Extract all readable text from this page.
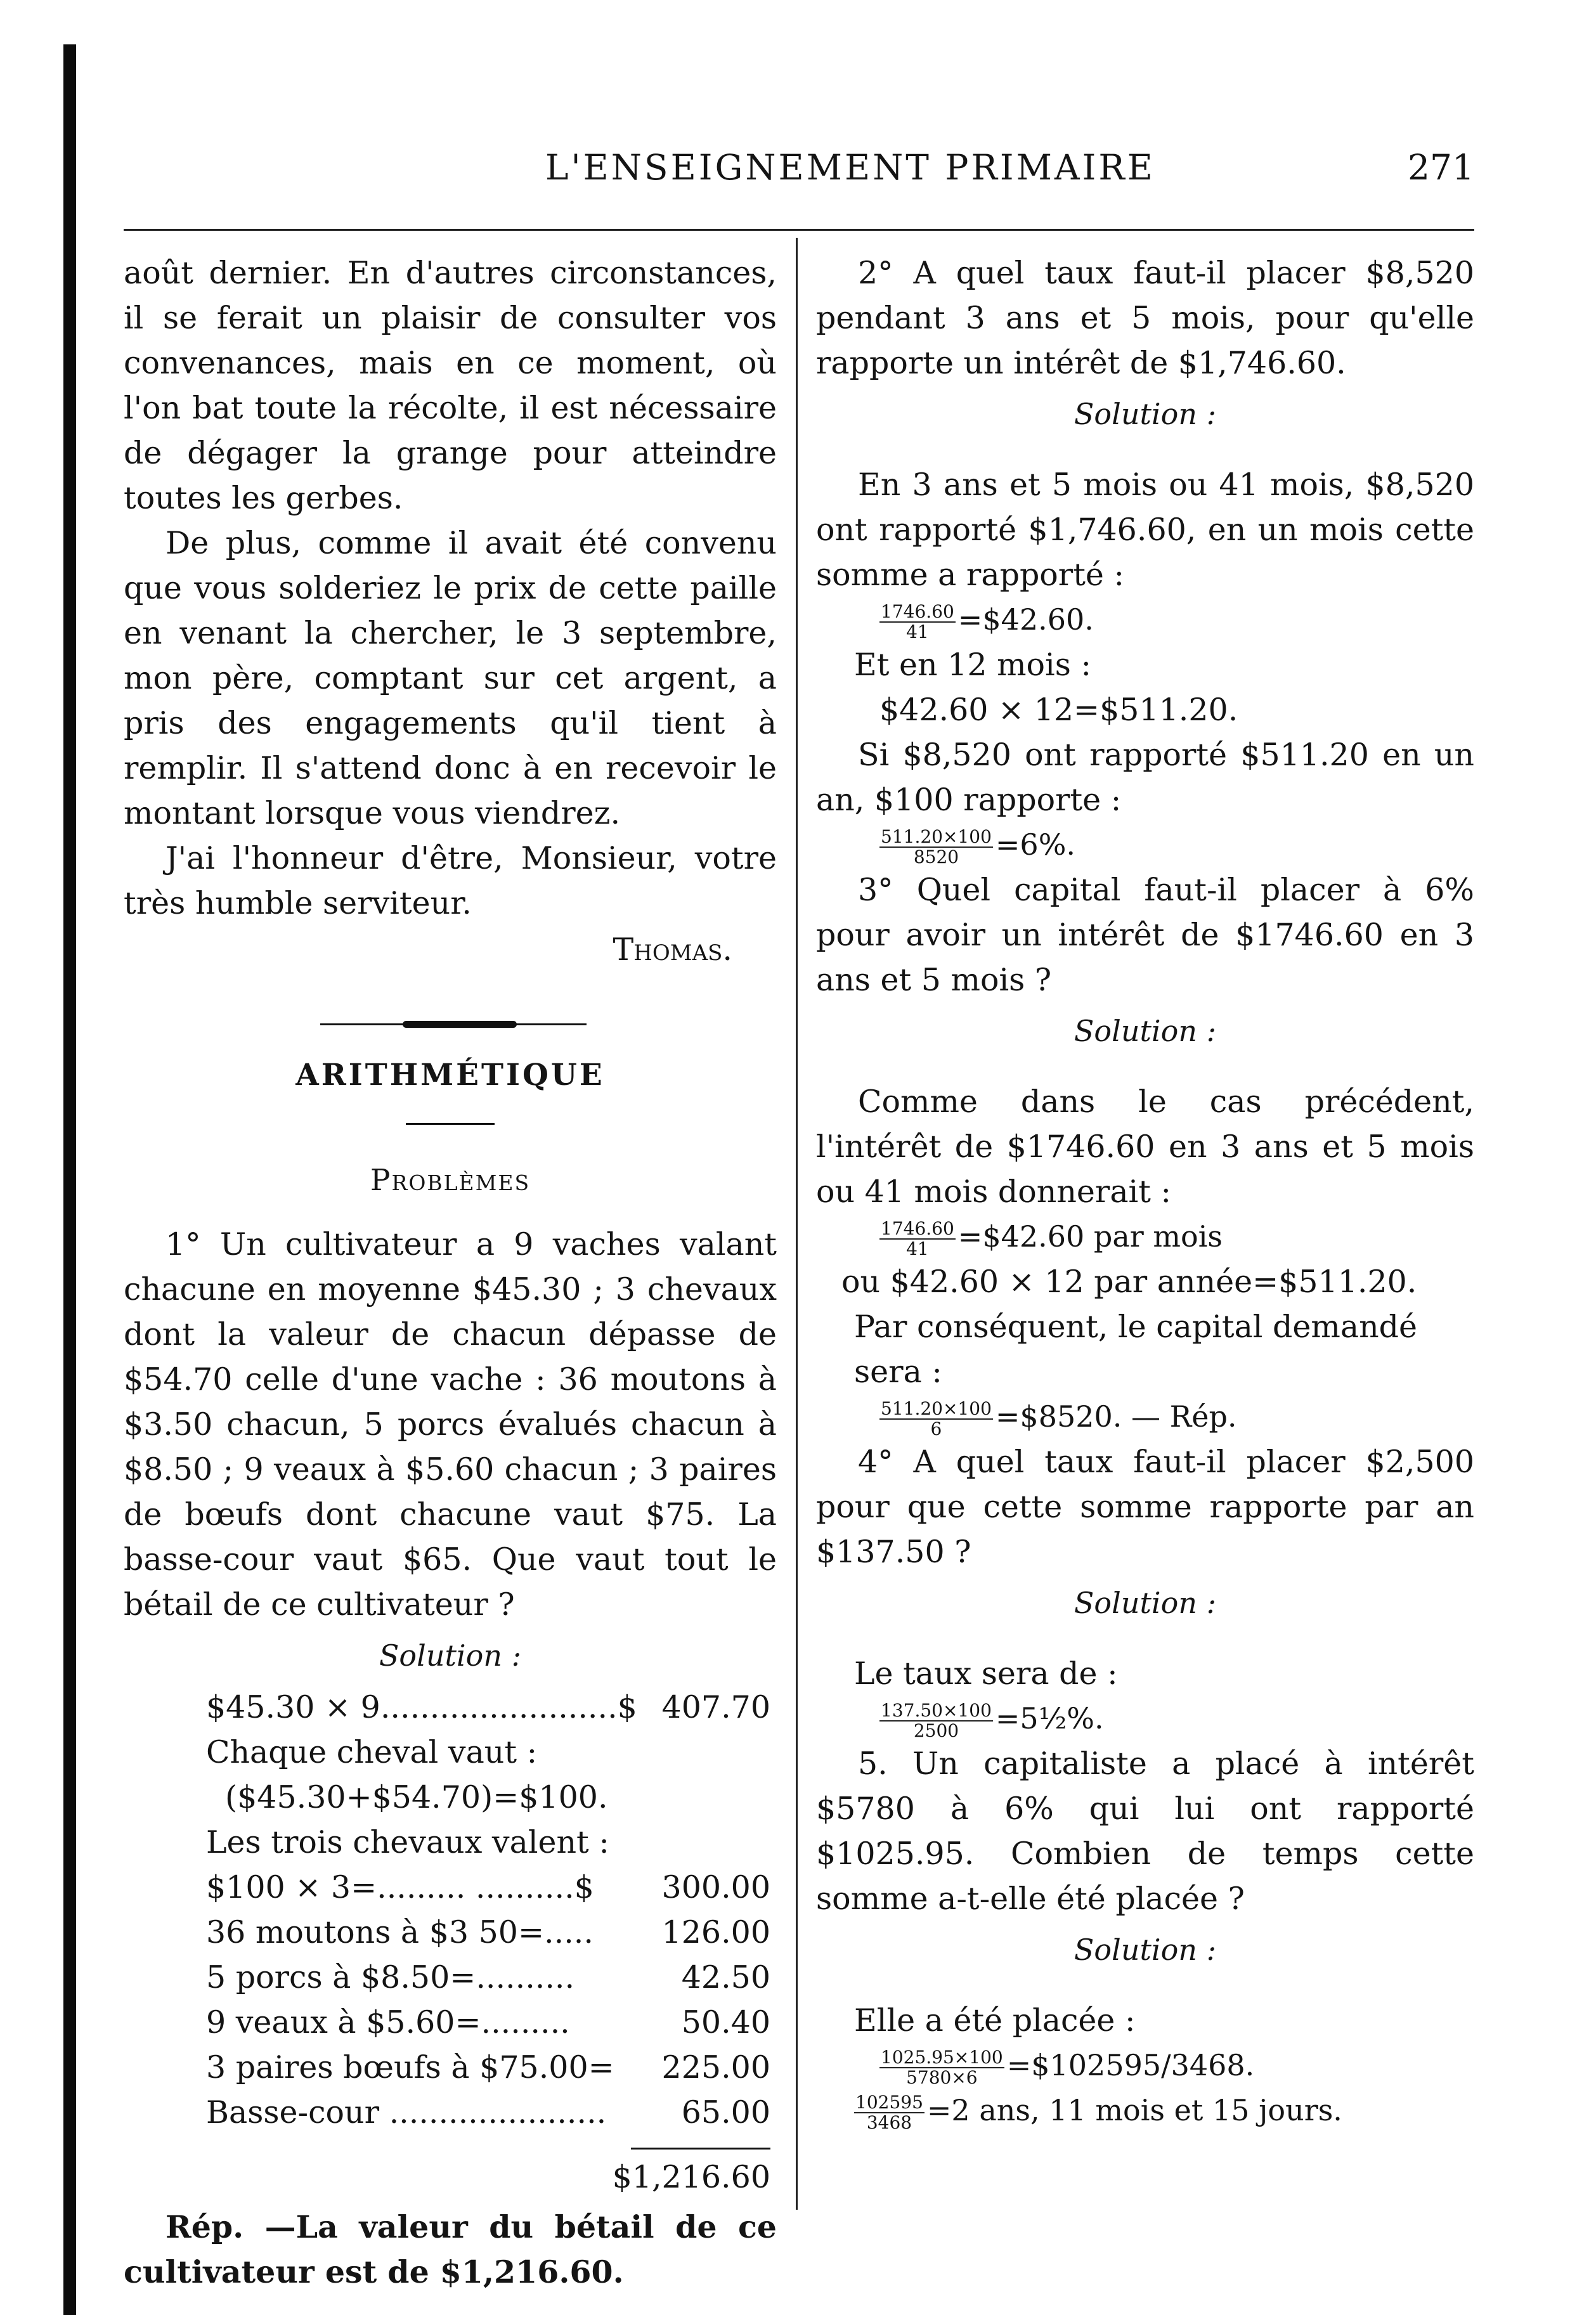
L'ENSEIGNEMENT PRIMAIRE	271

août dernier. En d'autres circonstances, il se ferait un plaisir de consulter vos convenances, mais en ce moment, où l'on bat toute la récolte, il est nécessaire de dégager la grange pour atteindre toutes les gerbes.

De plus, comme il avait été convenu que vous solderiez le prix de cette paille en venant la chercher, le 3 septembre, mon père, comptant sur cet argent, a pris des engagements qu'il tient à remplir. Il s'attend donc à en recevoir le montant lorsque vous viendrez.

J'ai l'honneur d'être, Monsieur, votre très humble serviteur.

Thomas.

ARITHMÉTIQUE
Problèmes

1° Un cultivateur a 9 vaches valant chacune en moyenne $45.30 ; 3 chevaux dont la valeur de chacun dépasse de $54.70 celle d'une vache : 36 moutons à $3.50 chacun, 5 porcs évalués chacun à $8.50 ; 9 veaux à $5.60 chacun ; 3 paires de bœufs dont chacune vaut $75. La basse-cour vaut $65. Que vaut tout le bétail de ce cultivateur ?

Solution :
$45.30 × 9........................$ 407.70
Chaque cheval vaut :
($45.30+$54.70)=$100.
Les trois chevaux valent :
$100 × 3=......... ..........$	300.00
36 moutons à $3 50=.....	126.00
5 porcs à $8.50=..........	42.50
9 veaux à $5.60=.........	50.40
3 paires bœufs à $75.00=	225.00
Basse-cour ......................	65.00
$1,216.60

Rép. —La valeur du bétail de ce cultivateur est de $1,216.60.

2° A quel taux faut-il placer $8,520 pendant 3 ans et 5 mois, pour qu'elle rapporte un intérêt de $1,746.60.

Solution :

En 3 ans et 5 mois ou 41 mois, $8,520 ont rapporté $1,746.60, en un mois cette somme a rapporté :

$\frac{1746.60}{41}$ =$42.60.
Et en 12 mois :
$42.60 × 12=$511.20.

Si $8,520 ont rapporté $511.20 en un an, $100 rapporte :

$\frac{511.20\times 100}{8520} =6\%$.

3° Quel capital faut-il placer à 6% pour avoir un intérêt de $1746.60 en 3 ans et 5 mois ?

Solution :

Comme dans le cas précédent, l'intérêt de $1746.60 en 3 ans et 5 mois ou 41 mois donnerait :

$\frac{1746.60}{41}$ =$42.60 par mois
ou $42.60 × 12 par année=$511.20.
Par conséquent, le capital demandé sera :
$\frac{511.20\times 100}{6}$ =$8520. — Rép.

4° A quel taux faut-il placer $2,500 pour que cette somme rapporte par an $137.50 ?

Solution :
Le taux sera de :
$\frac{137.50\times 100}{2500}$ =5½%.

5. Un capitaliste a placé à intérêt $5780 à 6% qui lui ont rapporté $1025.95. Combien de temps cette somme a-t-elle été placée ?

Solution :
Elle a été placée :
$\frac{1025.95\times 100}{5780\times 6}$ =$102595/3468.
$\frac{102595}{3468} =2$ ans, 11 mois et 15 jours.
